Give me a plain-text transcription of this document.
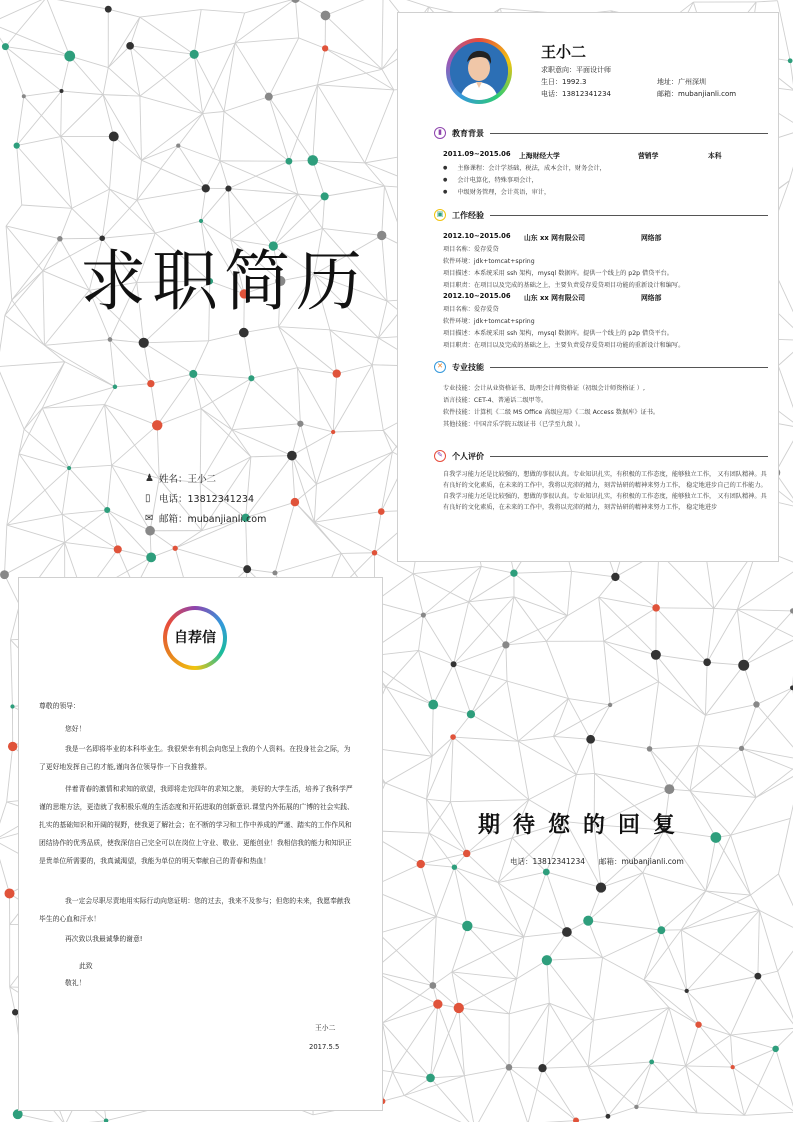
求职简历
♟ 姓名：王小二
▯ 电话：13812341234
✉ 邮箱：mubanjianli.com
王小二
求职意向：平面设计师
生日：1992.3
电话：13812341234
地址：广州深圳
邮箱：mubanjianli.com
▮	教育背景
2011.09~2015.06 上海财经大学	营销学	本科
● 主修课程：会计学基础，税法，成本会计，财务会计，
● 会计电算化，特殊事项会计，
● 中级财务管理，会计英语，审计，
▣	工作经验
2012.10~2015.06 山东 xx 网有限公司	网络部
项目名称：爱存爱贷
软件环境：jdk+tomcat+spring
项目描述：本系统采用 ssh 架构，mysql 数据库。提供一个线上的 p2p 借贷平台。
项目职责：在项目以及完成的基础之上，主要负责爱存爱贷项目功能的重新设计和编写。
2012.10~2015.06 山东 xx 网有限公司	网络部
项目名称：爱存爱贷
软件环境：jdk+tomcat+spring
项目描述：本系统采用 ssh 架构，mysql 数据库。提供一个线上的 p2p 借贷平台。
项目职责：在项目以及完成的基础之上，主要负责爱存爱贷项目功能的重新设计和编写。
✕	专业技能
专业技能：会计从业资格证书、助理会计师资格证（初级会计师资格证 ）,
语言技能：CET-4、普通话二级甲等。
软件技能：计算机《二级 MS Office 高级应用》《二级 Access 数据库》证书。
其他技能：中国音乐学院五级证书（已学至九级 ）。
✎	个人评价
自我学习能力还是比较强的，想做的事很认真。专业知识扎实，有积极的工作态度，能够独立工作， 又有团队精神。具有良好的文化素质，在未来的工作中，我将以充沛的精力，刻苦钻研的精神来努力工作， 稳定地进步自己的工作能力。自我学习能力还是比较强的，想做的事很认真。专业知识扎实，有积极的工作态度，能够独立工作， 又有团队精神。具有良好的文化素质，在未来的工作中，我将以充沛的精力，刻苦钻研的精神来努力工作， 稳定地进步
自荐信
尊敬的领导：
您好！
我是一名即将毕业的本科毕业生。我很荣幸有机会向您呈上我的个人资料。在投身社会之际，为了更好地发挥自己的才能,谨向各位领导作一下自我推荐。
伴着青春的激情和求知的欲望，我即将走完四年的求知之旅， 美好的大学生活，培养了我科学严谨的思维方法，更造就了我积极乐观的生活态度和开拓进取的创新意识.课堂内外拓展的广博的社会实践、扎实的基础知识和开阔的视野，使我更了解社会；在不断的学习和工作中养成的严谨、踏实的工作作风和团结协作的优秀品质，使我深信自己完全可以在岗位上守业、敬业、更能创业！我相信我的能力和知识正是贵单位所需要的，我真诚渴望，我能为单位的明天奉献自己的青春和热血！
我一定会尽职尽责地用实际行动向您证明：您的过去，我来不及参与；但您的未来，我愿奉献我毕生的心血和汗水！
再次致以我最诚挚的谢意!
此致
敬礼！
王小二
2017.5.5
期待您的回复
电话：13812341234 邮箱：mubanjianli.com
